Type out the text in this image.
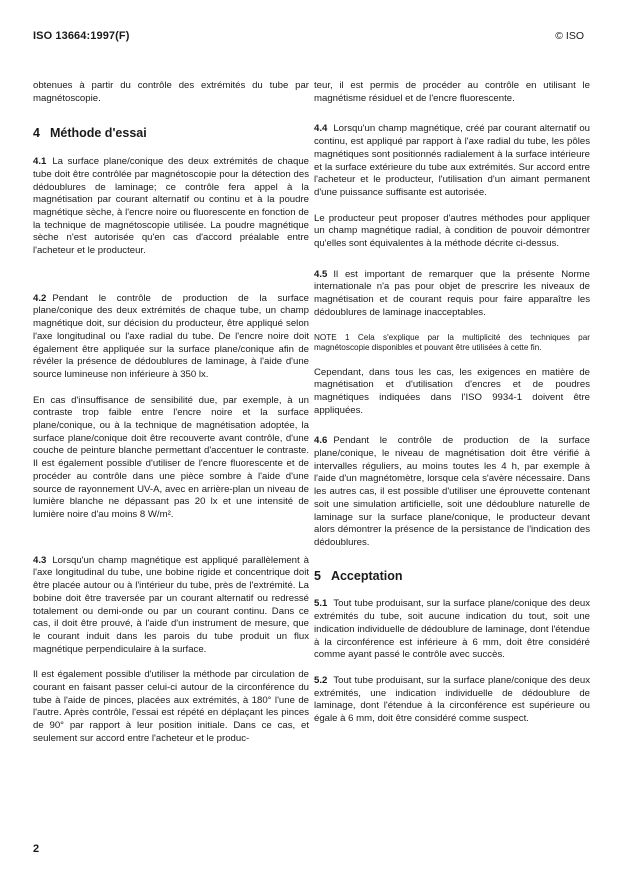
ISO 13664:1997(F)	© ISO

obtenues à partir du contrôle des extrémités du tube par magnétoscopie.

4 Méthode d'essai

4.1 La surface plane/conique des deux extrémités de chaque tube doit être contrôlée par magnétoscopie pour la détection des dédoublures de laminage; ce contrôle fera appel à la magnétisation par courant alternatif ou continu et à la poudre magnétique sèche, à l'encre noire ou fluorescente en fonction de la technique de magnétoscopie utilisée. La poudre magnétique sèche n'est autorisée qu'en cas d'accord préalable entre l'acheteur et le producteur.

4.2 Pendant le contrôle de production de la surface plane/conique des deux extrémités de chaque tube, un champ magnétique doit, sur décision du producteur, être appliqué selon l'axe longitudinal ou l'axe radial du tube. De l'encre noire doit également être appliquée sur la surface plane/conique afin de révéler la présence de dédoublures de laminage, à l'aide d'une source lumineuse non inférieure à 350 lx.

En cas d'insuffisance de sensibilité due, par exemple, à un contraste trop faible entre l'encre noire et la surface plane/conique, ou à la technique de magnétisation adoptée, la surface plane/conique doit être recouverte avant contrôle, d'une couche de peinture blanche permettant d'accentuer le contraste. Il est également possible d'utiliser de l'encre fluorescente et de procéder au contrôle dans une pièce sombre à l'aide d'une source de rayonnement UV-A, avec en arrière-plan un niveau de lumière blanche ne dépassant pas 20 lx et une intensité de lumière noire d'au moins 8 W/m².

4.3 Lorsqu'un champ magnétique est appliqué parallèlement à l'axe longitudinal du tube, une bobine rigide et concentrique doit être placée autour ou à l'intérieur du tube, près de l'extrémité. La bobine doit être traversée par un courant alternatif ou redressé totalement ou demi-onde ou par un courant continu. Dans ce cas, il doit être prouvé, à l'aide d'un instrument de mesure, que le courant induit dans les parois du tube produit un flux magnétique perpendiculaire à la surface.

Il est également possible d'utiliser la méthode par circulation de courant en faisant passer celui-ci autour de la circonférence du tube à l'aide de pinces, placées aux extrémités, à 180° l'une de l'autre. Après contrôle, l'essai est répété en déplaçant les pinces de 90° par rapport à leur position initiale. Dans ce cas, et seulement sur accord entre l'acheteur et le produc-

teur, il est permis de procéder au contrôle en utilisant le magnétisme résiduel et de l'encre fluorescente.

4.4 Lorsqu'un champ magnétique, créé par courant alternatif ou continu, est appliqué par rapport à l'axe radial du tube, les pôles magnétiques sont positionnés radialement à la surface intérieure et la surface extérieure du tube aux extrémités. Sur accord entre l'acheteur et le producteur, l'utilisation d'un aimant permanent d'une puissance suffisante est autorisée.

Le producteur peut proposer d'autres méthodes pour appliquer un champ magnétique radial, à condition de pouvoir démontrer qu'elles sont équivalentes à la méthode décrite ci-dessus.

4.5 Il est important de remarquer que la présente Norme internationale n'a pas pour objet de prescrire les niveaux de magnétisation et de courant requis pour faire apparaître les dédoublures de laminage inacceptables.

NOTE 1 Cela s'explique par la multiplicité des techniques par magnétoscopie disponibles et pouvant être utilisées à cette fin.

Cependant, dans tous les cas, les exigences en matière de magnétisation et d'utilisation d'encres et de poudres magnétiques indiquées dans l'ISO 9934-1 doivent être appliquées.

4.6 Pendant le contrôle de production de la surface plane/conique, le niveau de magnétisation doit être vérifié à intervalles réguliers, au moins toutes les 4 h, par exemple à l'aide d'un magnétomètre, lorsque cela s'avère nécessaire. Dans les autres cas, il est possible d'utiliser une éprouvette contenant soit une simulation artificielle, soit une dédoublure naturelle de laminage sur la surface plane/conique, le producteur devant alors démontrer la présence de la persistance de l'indication des dédoublures.

5 Acceptation

5.1 Tout tube produisant, sur la surface plane/conique des deux extrémités du tube, soit aucune indication du tout, soit une indication individuelle de dédoublure de laminage, dont l'étendue à la circonférence est inférieure à 6 mm, doit être considéré comme ayant passé le contrôle avec succès.

5.2 Tout tube produisant, sur la surface plane/conique des deux extrémités, une indication individuelle de dédoublure de laminage, dont l'étendue à la circonférence est supérieure ou égale à 6 mm, doit être considéré comme suspect.

2
